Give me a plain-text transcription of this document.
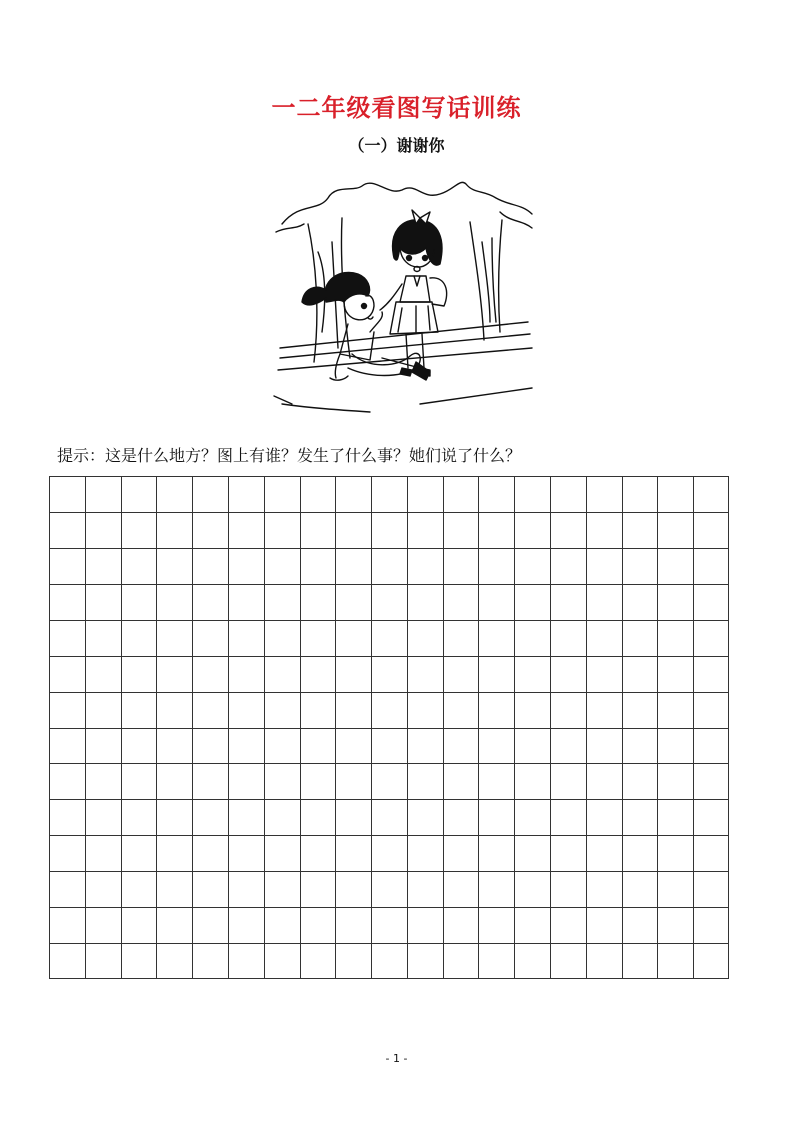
一二年级看图写话训练
（一）谢谢你
提示：这是什么地方？图上有谁？发生了什么事？她们说了什么？
- 1 -
